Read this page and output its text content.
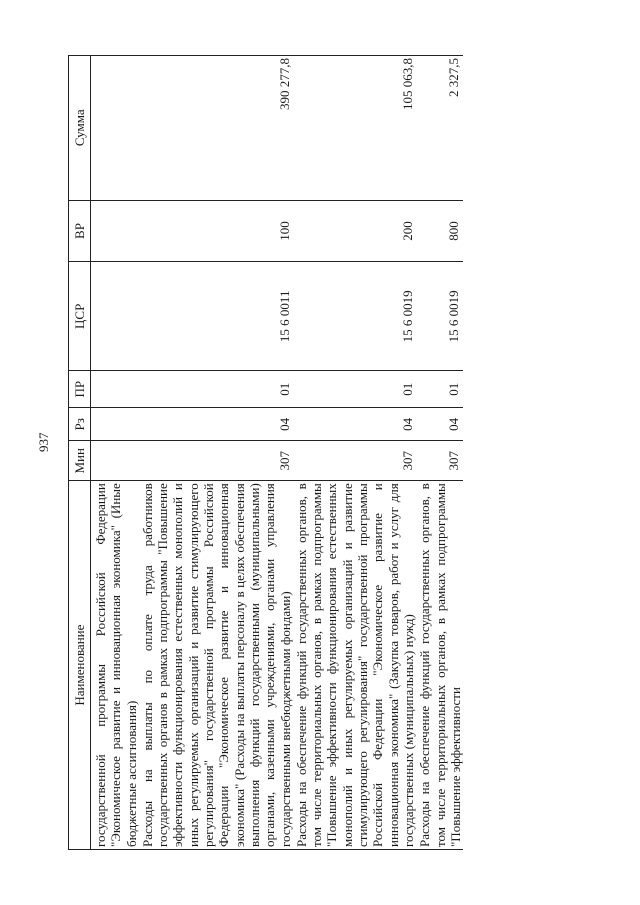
937
Наименование	Мин	Рз	ПР	ЦСР	ВР	Сумма
государственной программы Российской Федерации "Экономическое развитие и инновационная экономика" (Иные бюджетные ассигнования)						
Расходы на выплаты по оплате труда работников государственных органов в рамках подпрограммы "Повышение эффективности функционирования естественных монополий и иных регулируемых организаций и развитие стимулирующего регулирования" государственной программы Российской Федерации "Экономическое развитие и инновационная экономика" (Расходы на выплаты персоналу в целях обеспечения выполнения функций государственными (муниципальными) органами, казенными учреждениями, органами управления государственными внебюджетными фондами)	307	04	01	15 6 0011	100	390 277,8
Расходы на обеспечение функций государственных органов, в том числе территориальных органов, в рамках подпрограммы "Повышение эффективности функционирования естественных монополий и иных регулируемых организаций и развитие стимулирующего регулирования" государственной программы Российской Федерации "Экономическое развитие и инновационная экономика" (Закупка товаров, работ и услуг для государственных (муниципальных) нужд)	307	04	01	15 6 0019	200	105 063,8
Расходы на обеспечение функций государственных органов, в том числе территориальных органов, в рамках подпрограммы "Повышение эффективности	307	04	01	15 6 0019	800	2 327,5
